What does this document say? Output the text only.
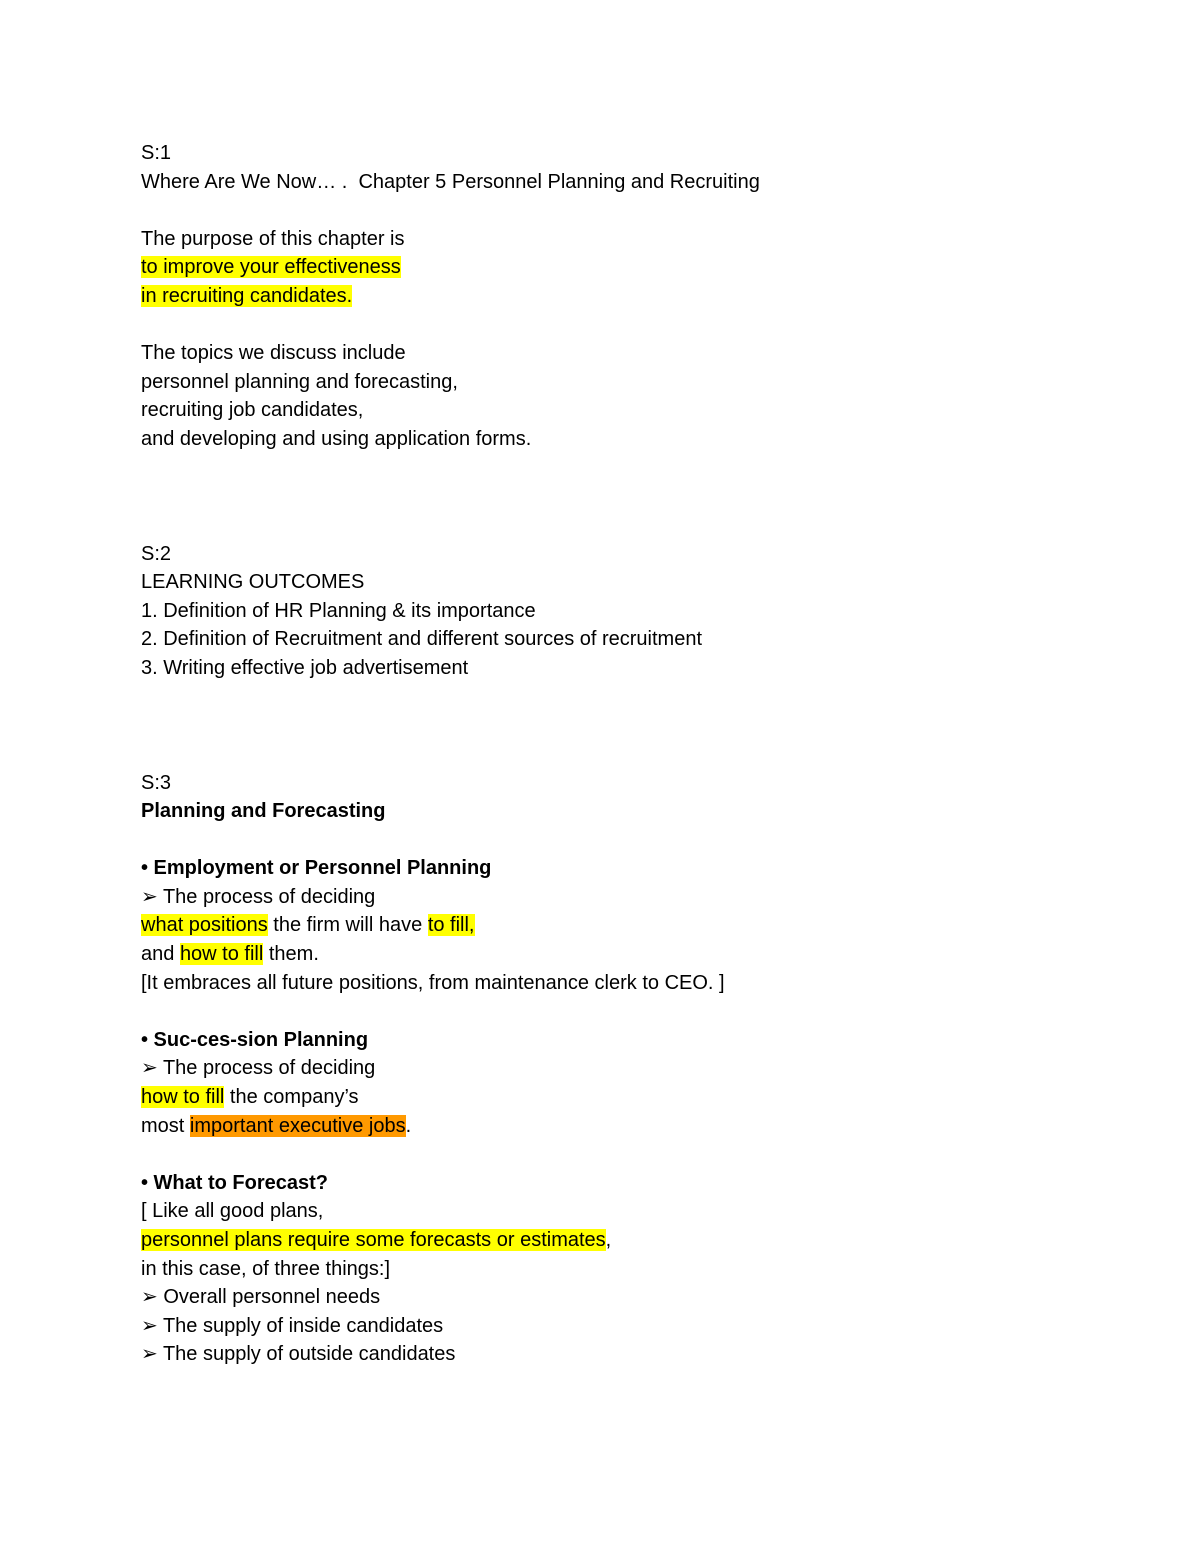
S:1
Where Are We Now… .  Chapter 5 Personnel Planning and Recruiting
The purpose of this chapter is
to improve your effectiveness
in recruiting candidates.
The topics we discuss include
personnel planning and forecasting,
recruiting job candidates,
and developing and using application forms.
S:2
LEARNING OUTCOMES
1. Definition of HR Planning & its importance
2. Definition of Recruitment and different sources of recruitment
3. Writing effective job advertisement
S:3
Planning and Forecasting
• Employment or Personnel Planning
➢ The process of deciding
what positions the firm will have to fill,
and how to fill them.
[It embraces all future positions, from maintenance clerk to CEO. ]
• Suc-ces-sion Planning
➢ The process of deciding
how to fill the company’s
most important executive jobs.
• What to Forecast?
[ Like all good plans,
personnel plans require some forecasts or estimates,
in this case, of three things:]
➢ Overall personnel needs
➢ The supply of inside candidates
➢ The supply of outside candidates
